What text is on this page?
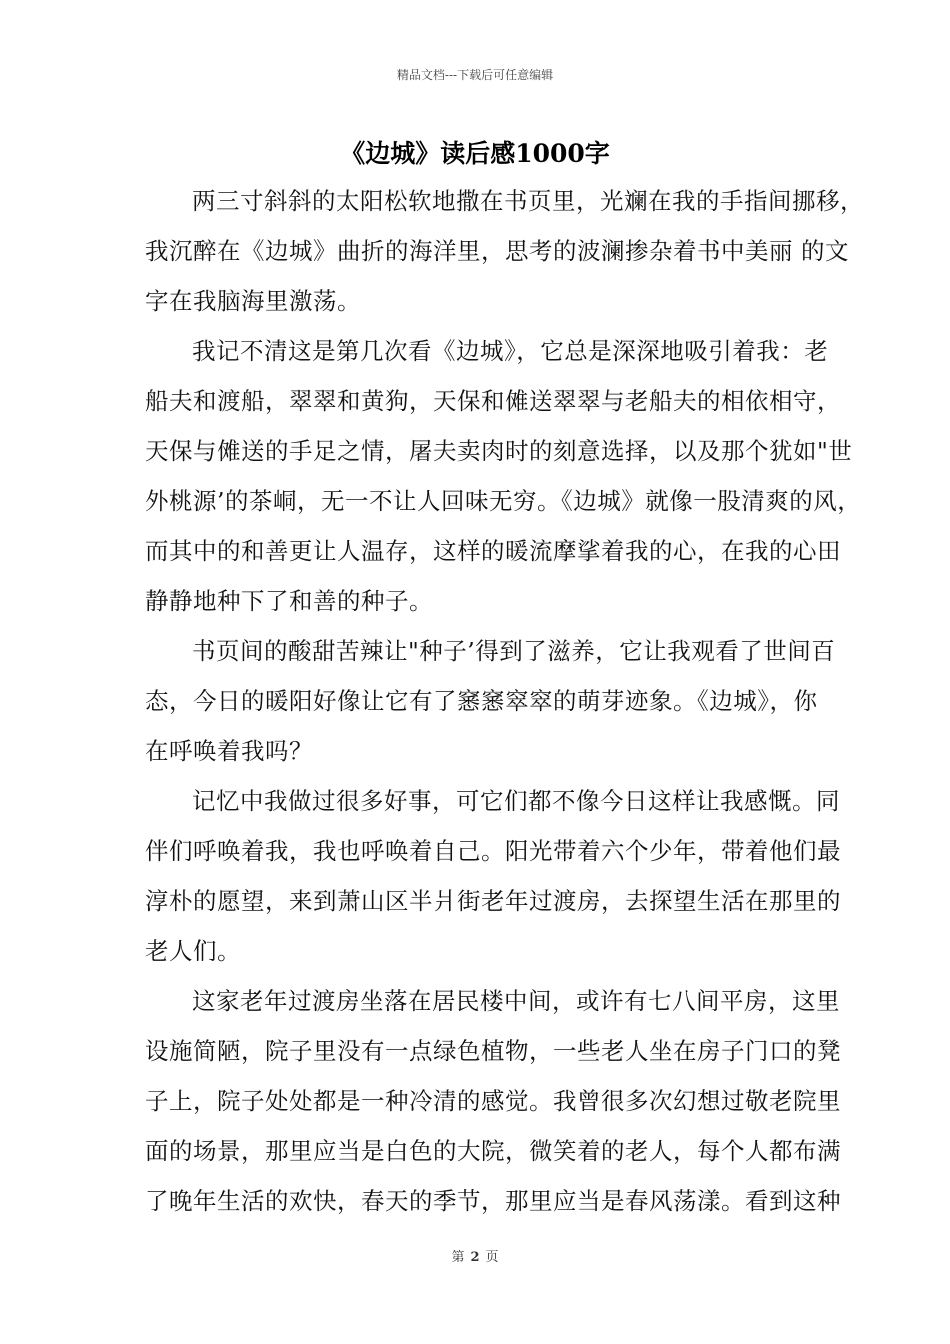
精品文档---下载后可任意编辑
《边城》读后感1000字
两三寸斜斜的太阳松软地撒在书页里，光斓在我的手指间挪移，
我沉醉在《边城》曲折的海洋里，思考的波澜掺杂着书中美丽 的文
字在我脑海里激荡。
我记不清这是第几次看《边城》，它总是深深地吸引着我：老
船夫和渡船，翠翠和黄狗，天保和傩送翠翠与老船夫的相依相守，
天保与傩送的手足之情，屠夫卖肉时的刻意选择，以及那个犹如"世
外桃源’的茶峒，无一不让人回味无穷。《边城》就像一股清爽的风，
而其中的和善更让人温存，这样的暖流摩挲着我的心，在我的心田
静静地种下了和善的种子。
书页间的酸甜苦辣让"种子’得到了滋养，它让我观看了世间百
态，今日的暖阳好像让它有了窸窸窣窣的萌芽迹象。《边城》，你
在呼唤着我吗？
记忆中我做过很多好事，可它们都不像今日这样让我感慨。同
伴们呼唤着我，我也呼唤着自己。阳光带着六个少年，带着他们最
淳朴的愿望，来到萧山区半爿街老年过渡房，去探望生活在那里的
老人们。
这家老年过渡房坐落在居民楼中间，或许有七八间平房，这里
设施简陋，院子里没有一点绿色植物，一些老人坐在房子门口的凳
子上，院子处处都是一种冷清的感觉。我曾很多次幻想过敬老院里
面的场景，那里应当是白色的大院，微笑着的老人，每个人都布满
了晚年生活的欢快，春天的季节，那里应当是春风荡漾。看到这种
第 2 页
